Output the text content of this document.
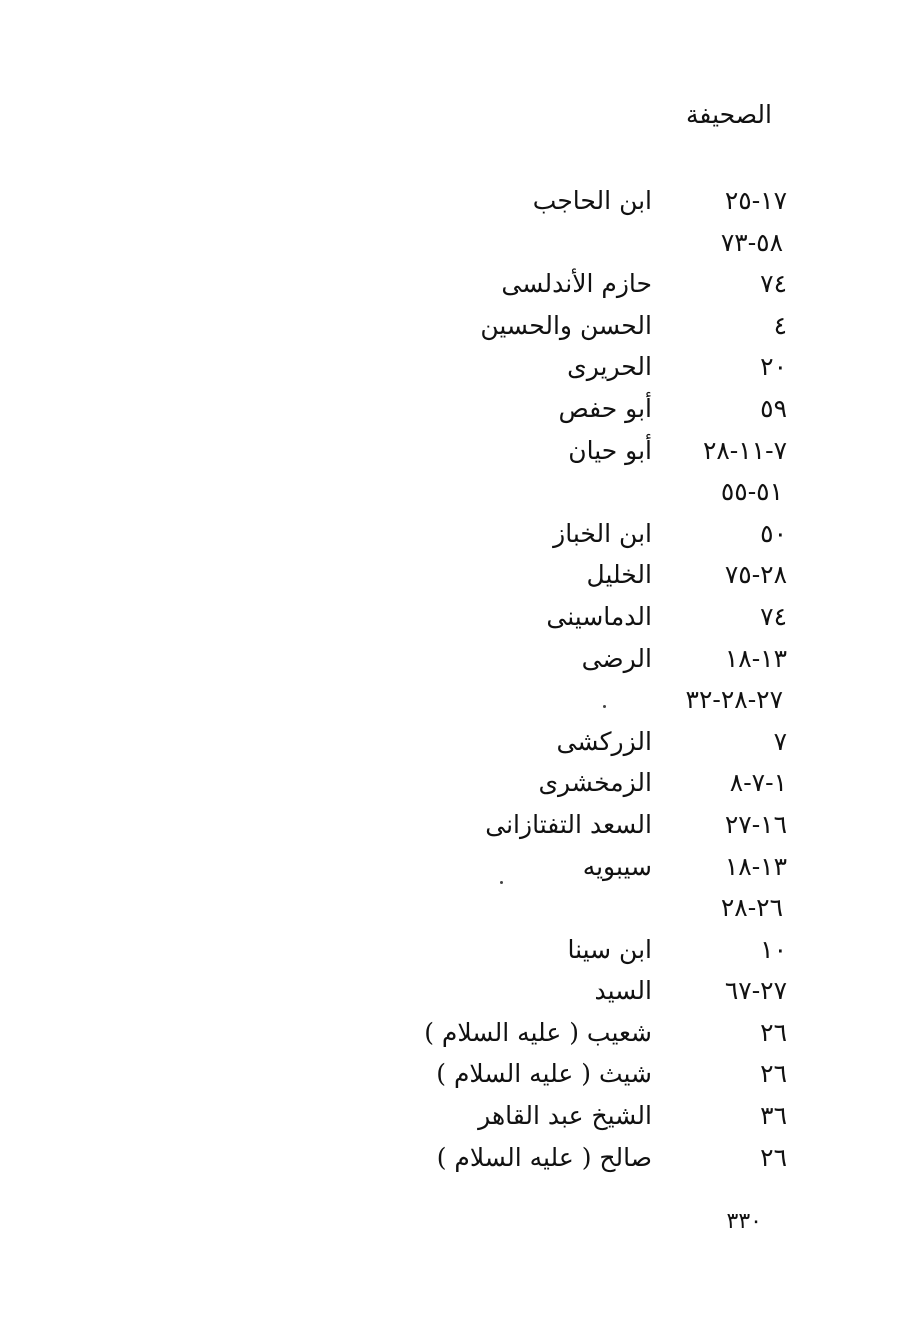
الصحيفة
١٧-٢٥
ابن الحاجب
٥٨-٧٣
٧٤
حازم الأندلسى
٤
الحسن والحسين
٢٠
الحريرى
٥٩
أبو حفص
٧-١١-٢٨
أبو حيان
٥١-٥٥
٥٠
ابن الخباز
٢٨-٧٥
الخليل
٧٤
الدماسينى
١٣-١٨
الرضى
٢٧-٢٨-٣٢
٧
الزركشى
١-٧-٨
الزمخشرى
١٦-٢٧
السعد التفتازانى
١٣-١٨
سيبويه
٢٦-٢٨
١٠
ابن سينا
٢٧-٦٧
السيد
٢٦
شعيب ( عليه السلام )
٢٦
شيث ( عليه السلام )
٣٦
الشيخ عبد القاهر
٢٦
صالح ( عليه السلام )
٣٣٠
